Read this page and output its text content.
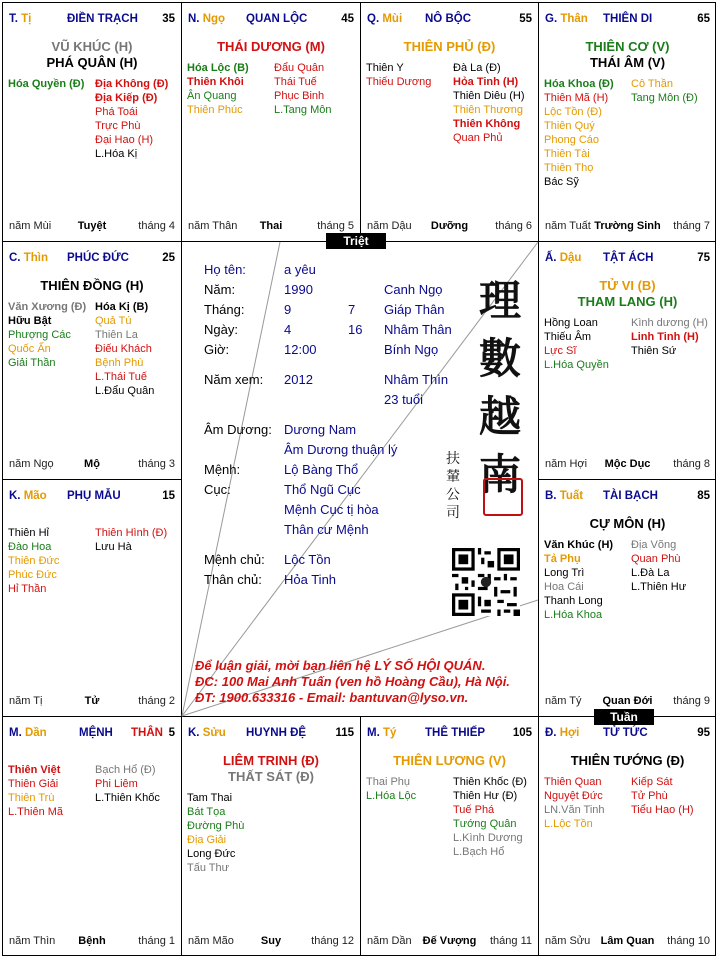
T. Tị	ĐIỀN TRẠCH 35
VŨ KHÚC (H)
PHÁ QUÂN (H)
Hóa Quyền (Đ) Địa Không (Đ)
Địa Kiếp (Đ)
Phá Toái
Trực Phù
Đại Hao (H)
L.Hóa Kị
năm Mùi	Tuyệt	tháng 4
N. Ngọ QUAN LỘC	45
THÁI DƯƠNG (M)
Hóa Lộc (B)
Thiên Khôi
Ân Quang
Thiên Phúc
Đẩu Quân
Thái Tuế
Phục Binh
L.Tang Môn
năm Thân	Thai	tháng 5
Q. Mùi NÔ BỘC	55
THIÊN PHỦ (Đ)
Thiên Y
Thiếu Dương
Đà La (Đ)
Hỏa Tinh (H)
Thiên Diêu (H)
Thiên Thương
Thiên Không
Quan Phủ
năm Dậu	Dưỡng	tháng 6
G. Thân THIÊN DI	65
THIÊN CƠ (V)
THÁI ÂM (V)
Hóa Khoa (Đ)
Thiên Mã (H)
Lộc Tồn (Đ)
Thiên Quý
Phong Cáo
Thiên Tài
Thiên Thọ
Bác Sỹ
Cô Thần
Tang Môn (Đ)
năm Tuất Trường Sinh	tháng 7
C. Thìn PHÚC ĐỨC	25
THIÊN ĐỒNG (H)
Văn Xương (Đ)
Hữu Bật
Phượng Các
Quốc Ấn
Giải Thần
Hóa Kị (B)
Quả Tú
Thiên La
Điếu Khách
Bệnh Phù
L.Thái Tuế
L.Đẩu Quân
năm Ngọ	Mộ	tháng 3
Ấ. Dậu TẬT ÁCH	75
TỬ VI (B)
THAM LANG (H)
Hồng Loan
Thiếu Âm
Lực Sĩ
L.Hóa Quyền
Kình dương (H)
Linh Tinh (H)
Thiên Sứ
năm Hợi	Mộc Dục	tháng 8
K. Mão PHỤ MẪU	15
Thiên Hỉ
Đào Hoa
Thiên Đức
Phúc Đức
Hỉ Thần
Thiên Hình (Đ)
Lưu Hà
năm Tị	Tử	tháng 2
B. Tuất TÀI BẠCH	85
CỰ MÔN (H)
Văn Khúc (H)
Tả Phụ
Long Trì
Hoa Cái
Thanh Long
L.Hóa Khoa
Địa Võng
Quan Phù
L.Đà La
L.Thiên Hư
năm Tý	Quan Đới	tháng 9
M. Dần	MỆNH THÂN 5
Thiên Việt
Thiên Giải
Thiên Trù
L.Thiên Mã
Bạch Hổ (Đ)
Phi Liêm
L.Thiên Khốc
năm Thìn	Bệnh	tháng 1
K. Sửu HUYNH ĐỆ	115
LIÊM TRINH (Đ)
THẤT SÁT (Đ)
Tam Thai
Bát Tọa
Đường Phù
Địa Giải
Long Đức
Tấu Thư
năm Mão	Suy	tháng 12
M. Tý THÊ THIẾP 105
THIÊN LƯƠNG (V)
Thai Phụ
L.Hóa Lộc
Thiên Khốc (Đ)
Thiên Hư (Đ)
Tuế Phá
Tướng Quân
L.Kình Dương
L.Bạch Hổ
năm Dần	Đế Vượng	tháng 11
Đ. Hợi TỬ TỨC	95
THIÊN TƯỚNG (Đ)
Thiên Quan
Nguyệt Đức
LN.Văn Tinh
L.Lộc Tồn
Kiếp Sát
Tử Phù
Tiểu Hao (H)
năm Sửu Lâm Quan	tháng 10
Triệt
Tuần
Họ tên:	a yêu
Năm:	1990	Canh Ngọ
Tháng:	9	7 Giáp Thân
Ngày:	4	16 Nhâm Thân
Giờ:	12:00	Bính Ngọ
Năm xem: 2012	Nhâm Thìn
23 tuổi
Âm Dương: Dương Nam
Âm Dương thuận lý
Mệnh:	Lộ Bàng Thổ
Cục:	Thổ Ngũ Cục
Mệnh Cục tị hòa
Thân cư Mệnh
Mệnh chủ: Lộc Tồn
Thân chủ: Hỏa Tinh
理
數
越
南
扶
輦
公
司
Để luận giải, mời bạn liên hệ LÝ SỐ HỘI QUÁN.
ĐC: 100 Mai Anh Tuấn (ven hồ Hoàng Cầu), Hà Nội.
ĐT: 1900.633316 - Email: bantuvan@lyso.vn.
